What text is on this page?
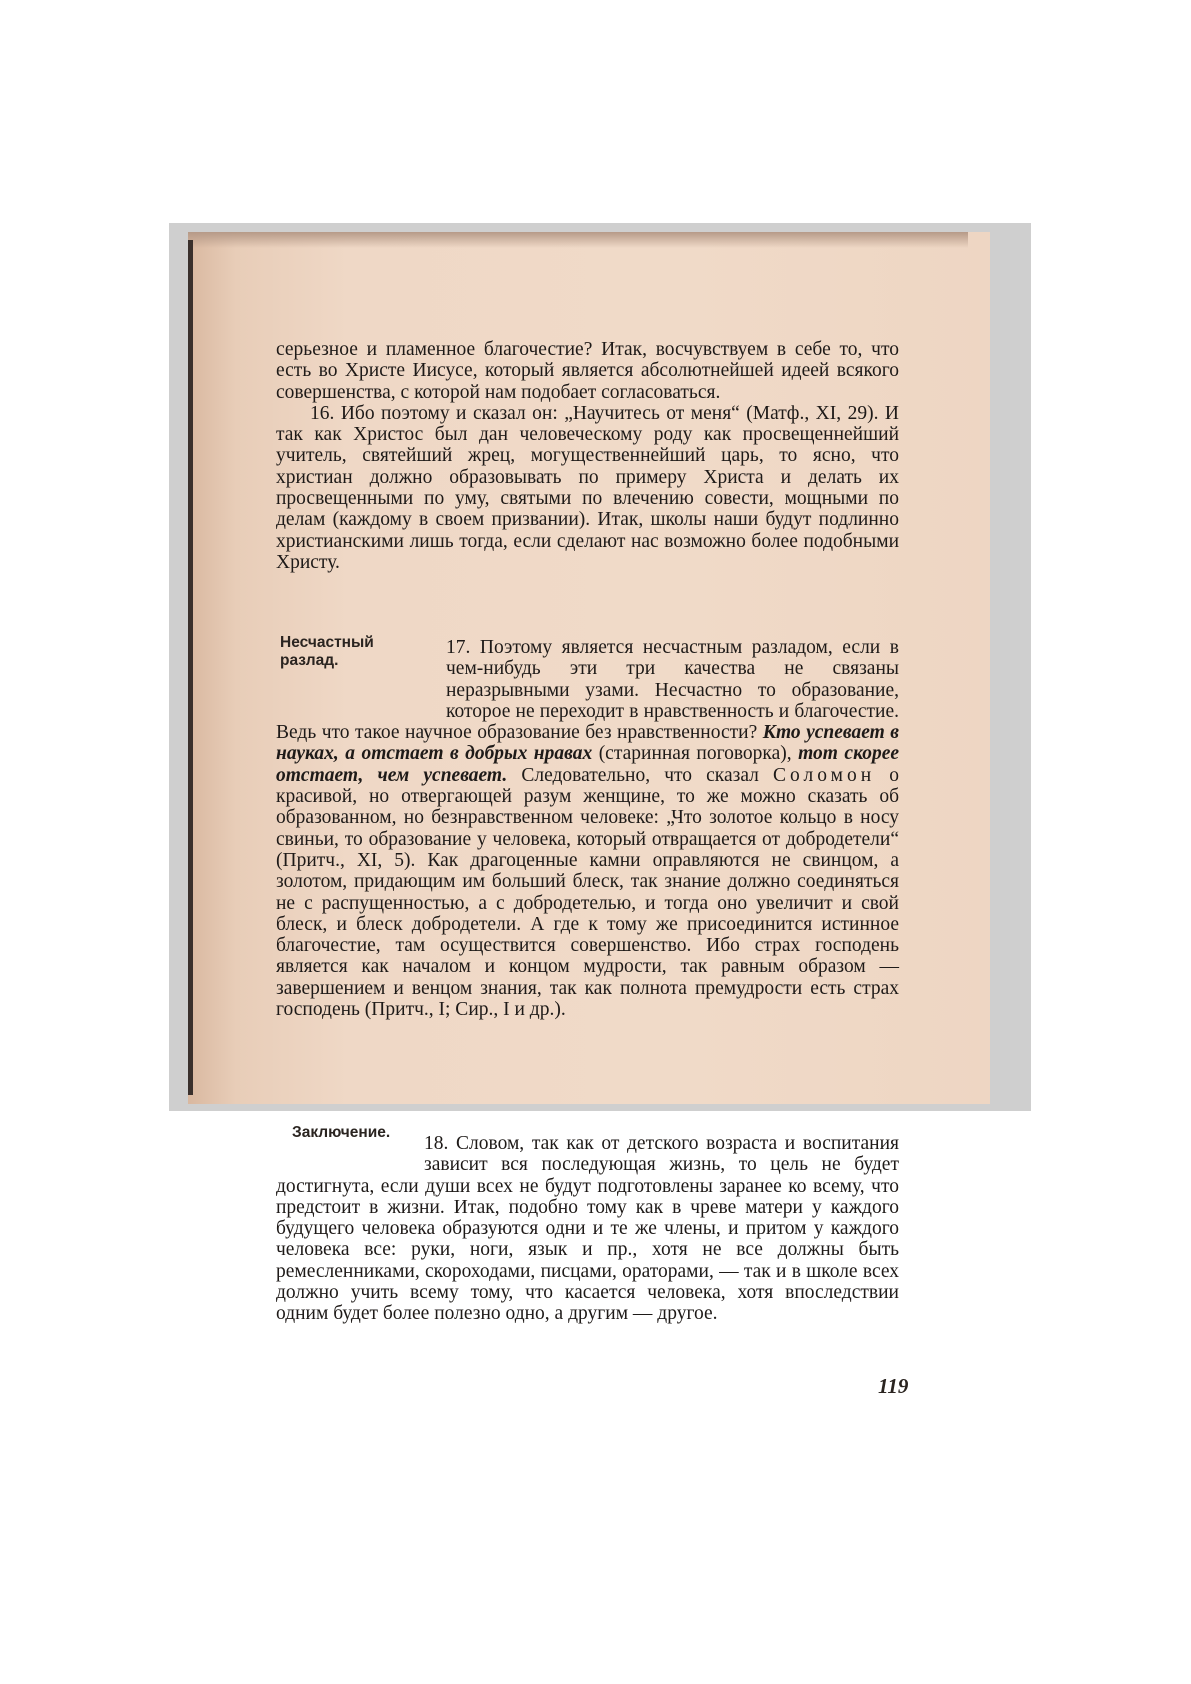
серьезное и пламенное благочестие? Итак, восчувствуем в себе то, что есть во Христе Иисусе, который является абсолютнейшей идеей всякого совершенства, с которой нам подобает согласоваться.

16. Ибо поэтому и сказал он: „Научитесь от меня“ (Матф., XI, 29). И так как Христос был дан человеческому роду как просвещеннейший учитель, святейший жрец, могущественнейший царь, то ясно, что христиан должно образовывать по примеру Христа и делать их просвещенными по уму, святыми по влечению совести, мощными по делам (каждому в своем призвании). Итак, школы наши будут подлинно христианскими лишь тогда, если сделают нас возможно более подобными Христу.

Несчастный разлад.

17. Поэтому является несчастным разладом, если в чем-нибудь эти три качества не связаны неразрывными узами. Несчастно то образование, которое не переходит в нравственность и благочестие. Ведь что такое научное образование без нравственности? Кто успевает в науках, а отстает в добрых нравах (старинная поговорка), тот скорее отстает, чем успевает. Следовательно, что сказал Соломон о красивой, но отвергающей разум женщине, то же можно сказать об образованном, но безнравственном человеке: „Что золотое кольцо в носу свиньи, то образование у человека, который отвращается от добродетели“ (Притч., XI, 5). Как драгоценные камни оправляются не свинцом, а золотом, придающим им больший блеск, так знание должно соединяться не с распущенностью, а с добродетелью, и тогда оно увеличит и свой блеск, и блеск добродетели. А где к тому же присоединится истинное благочестие, там осуществится совершенство. Ибо страх господень является как началом и концом мудрости, так равным образом — завершением и венцом знания, так как полнота премудрости есть страх господень (Притч., I; Сир., I и др.).

Заключение.

18. Словом, так как от детского возраста и воспитания зависит вся последующая жизнь, то цель не будет достигнута, если души всех не будут подготовлены заранее ко всему, что предстоит в жизни. Итак, подобно тому как в чреве матери у каждого будущего человека образуются одни и те же члены, и притом у каждого человека все: руки, ноги, язык и пр., хотя не все должны быть ремесленниками, скороходами, писцами, ораторами, — так и в школе всех должно учить всему тому, что касается человека, хотя впоследствии одним будет более полезно одно, а другим — другое.

119
